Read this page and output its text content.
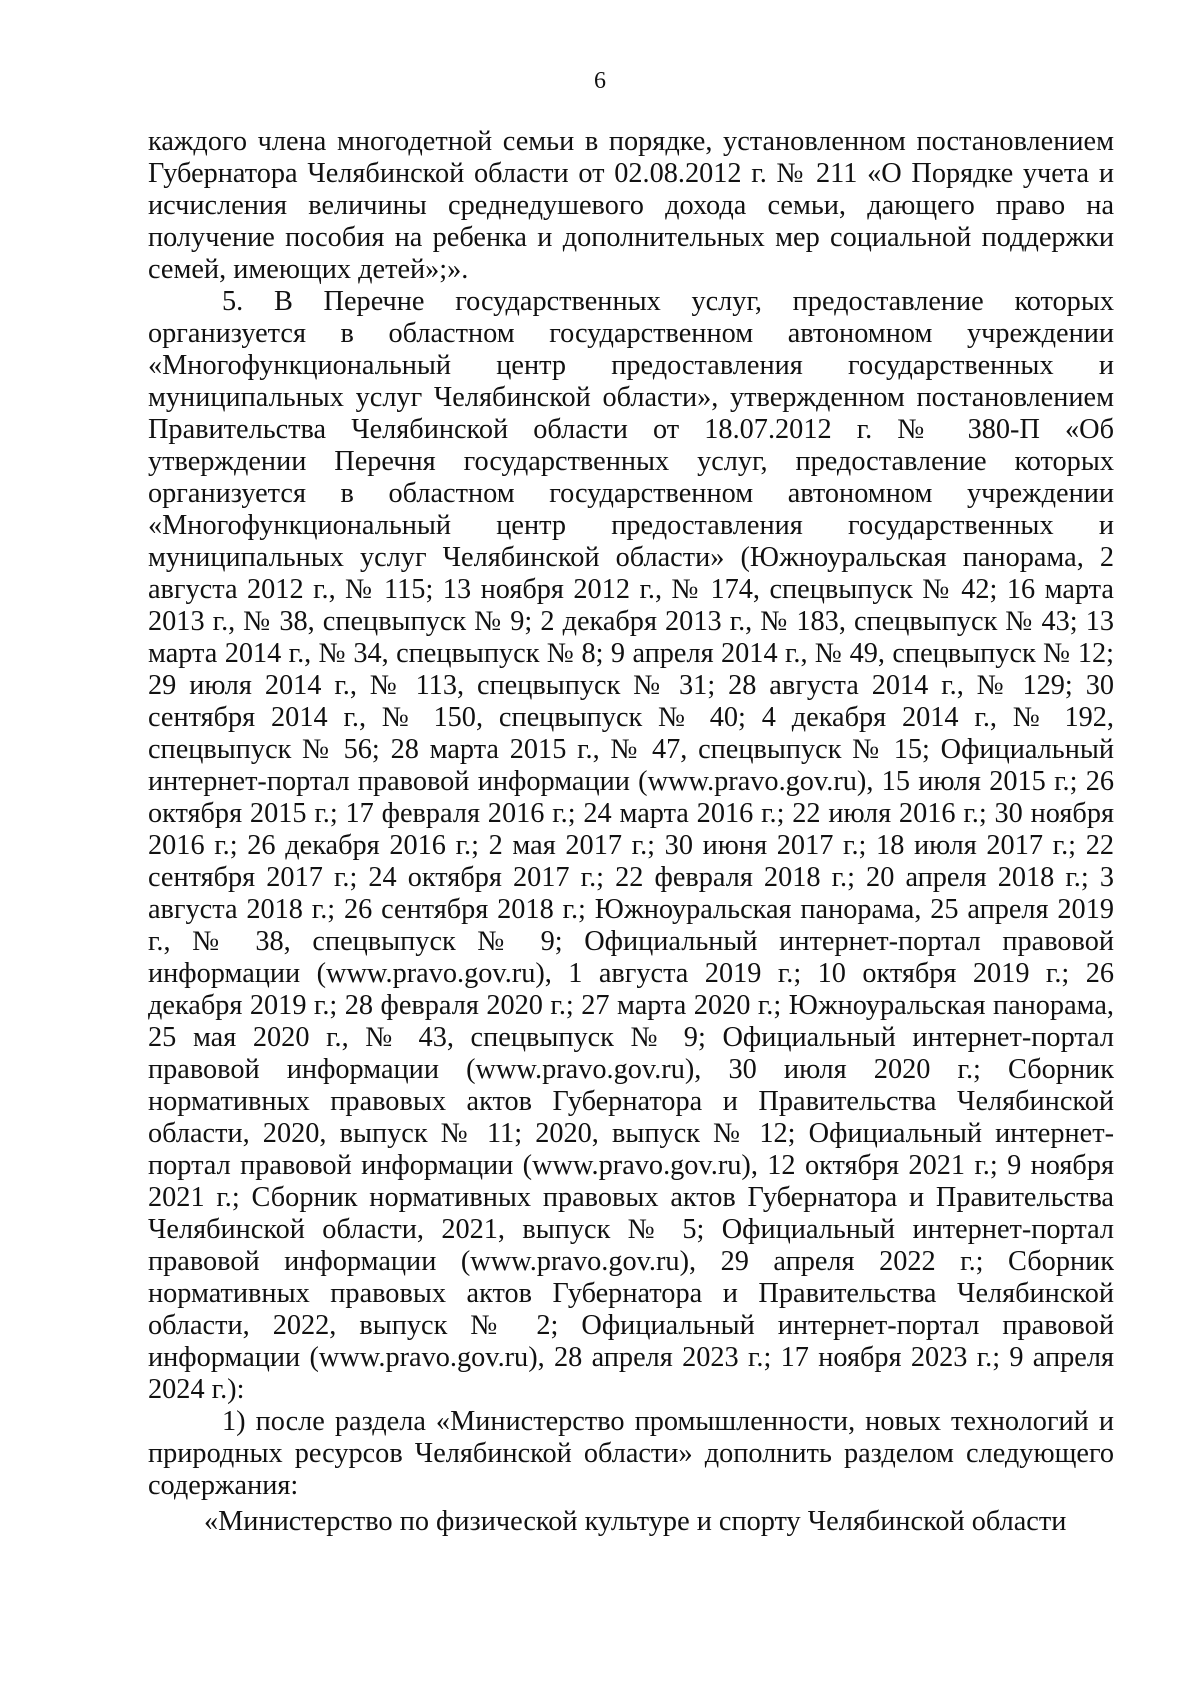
6

каждого члена многодетной семьи в порядке, установленном постановлением Губернатора Челябинской области от 02.08.2012 г. № 211 «О Порядке учета и исчисления величины среднедушевого дохода семьи, дающего право на получение пособия на ребенка и дополнительных мер социальной поддержки семей, имеющих детей»;».

5. В Перечне государственных услуг, предоставление которых организуется в областном государственном автономном учреждении «Многофункциональный центр предоставления государственных и муниципальных услуг Челябинской области», утвержденном постановлением Правительства Челябинской области от 18.07.2012 г. № 380-П «Об утверждении Перечня государственных услуг, предоставление которых организуется в областном государственном автономном учреждении «Многофункциональный центр предоставления государственных и муниципальных услуг Челябинской области» (Южноуральская панорама, 2 августа 2012 г., № 115; 13 ноября 2012 г., № 174, спецвыпуск № 42; 16 марта 2013 г., № 38, спецвыпуск № 9; 2 декабря 2013 г., № 183, спецвыпуск № 43; 13 марта 2014 г., № 34, спецвыпуск № 8; 9 апреля 2014 г., № 49, спецвыпуск № 12; 29 июля 2014 г., № 113, спецвыпуск № 31; 28 августа 2014 г., № 129; 30 сентября 2014 г., № 150, спецвыпуск № 40; 4 декабря 2014 г., № 192, спецвыпуск № 56; 28 марта 2015 г., № 47, спецвыпуск № 15; Официальный интернет-портал правовой информации (www.pravo.gov.ru), 15 июля 2015 г.; 26 октября 2015 г.; 17 февраля 2016 г.; 24 марта 2016 г.; 22 июля 2016 г.; 30 ноября 2016 г.; 26 декабря 2016 г.; 2 мая 2017 г.; 30 июня 2017 г.; 18 июля 2017 г.; 22 сентября 2017 г.; 24 октября 2017 г.; 22 февраля 2018 г.; 20 апреля 2018 г.; 3 августа 2018 г.; 26 сентября 2018 г.; Южноуральская панорама, 25 апреля 2019 г., № 38, спецвыпуск № 9; Официальный интернет-портал правовой информации (www.pravo.gov.ru), 1 августа 2019 г.; 10 октября 2019 г.; 26 декабря 2019 г.; 28 февраля 2020 г.; 27 марта 2020 г.; Южноуральская панорама, 25 мая 2020 г., № 43, спецвыпуск № 9; Официальный интернет-портал правовой информации (www.pravo.gov.ru), 30 июля 2020 г.; Сборник нормативных правовых актов Губернатора и Правительства Челябинской области, 2020, выпуск № 11; 2020, выпуск № 12; Официальный интернет-портал правовой информации (www.pravo.gov.ru), 12 октября 2021 г.; 9 ноября 2021 г.; Сборник нормативных правовых актов Губернатора и Правительства Челябинской области, 2021, выпуск № 5; Официальный интернет-портал правовой информации (www.pravo.gov.ru), 29 апреля 2022 г.; Сборник нормативных правовых актов Губернатора и Правительства Челябинской области, 2022, выпуск № 2; Официальный интернет-портал правовой информации (www.pravo.gov.ru), 28 апреля 2023 г.; 17 ноября 2023 г.; 9 апреля 2024 г.):

1) после раздела «Министерство промышленности, новых технологий и природных ресурсов Челябинской области» дополнить разделом следующего содержания:

«Министерство по физической культуре и спорту Челябинской области
